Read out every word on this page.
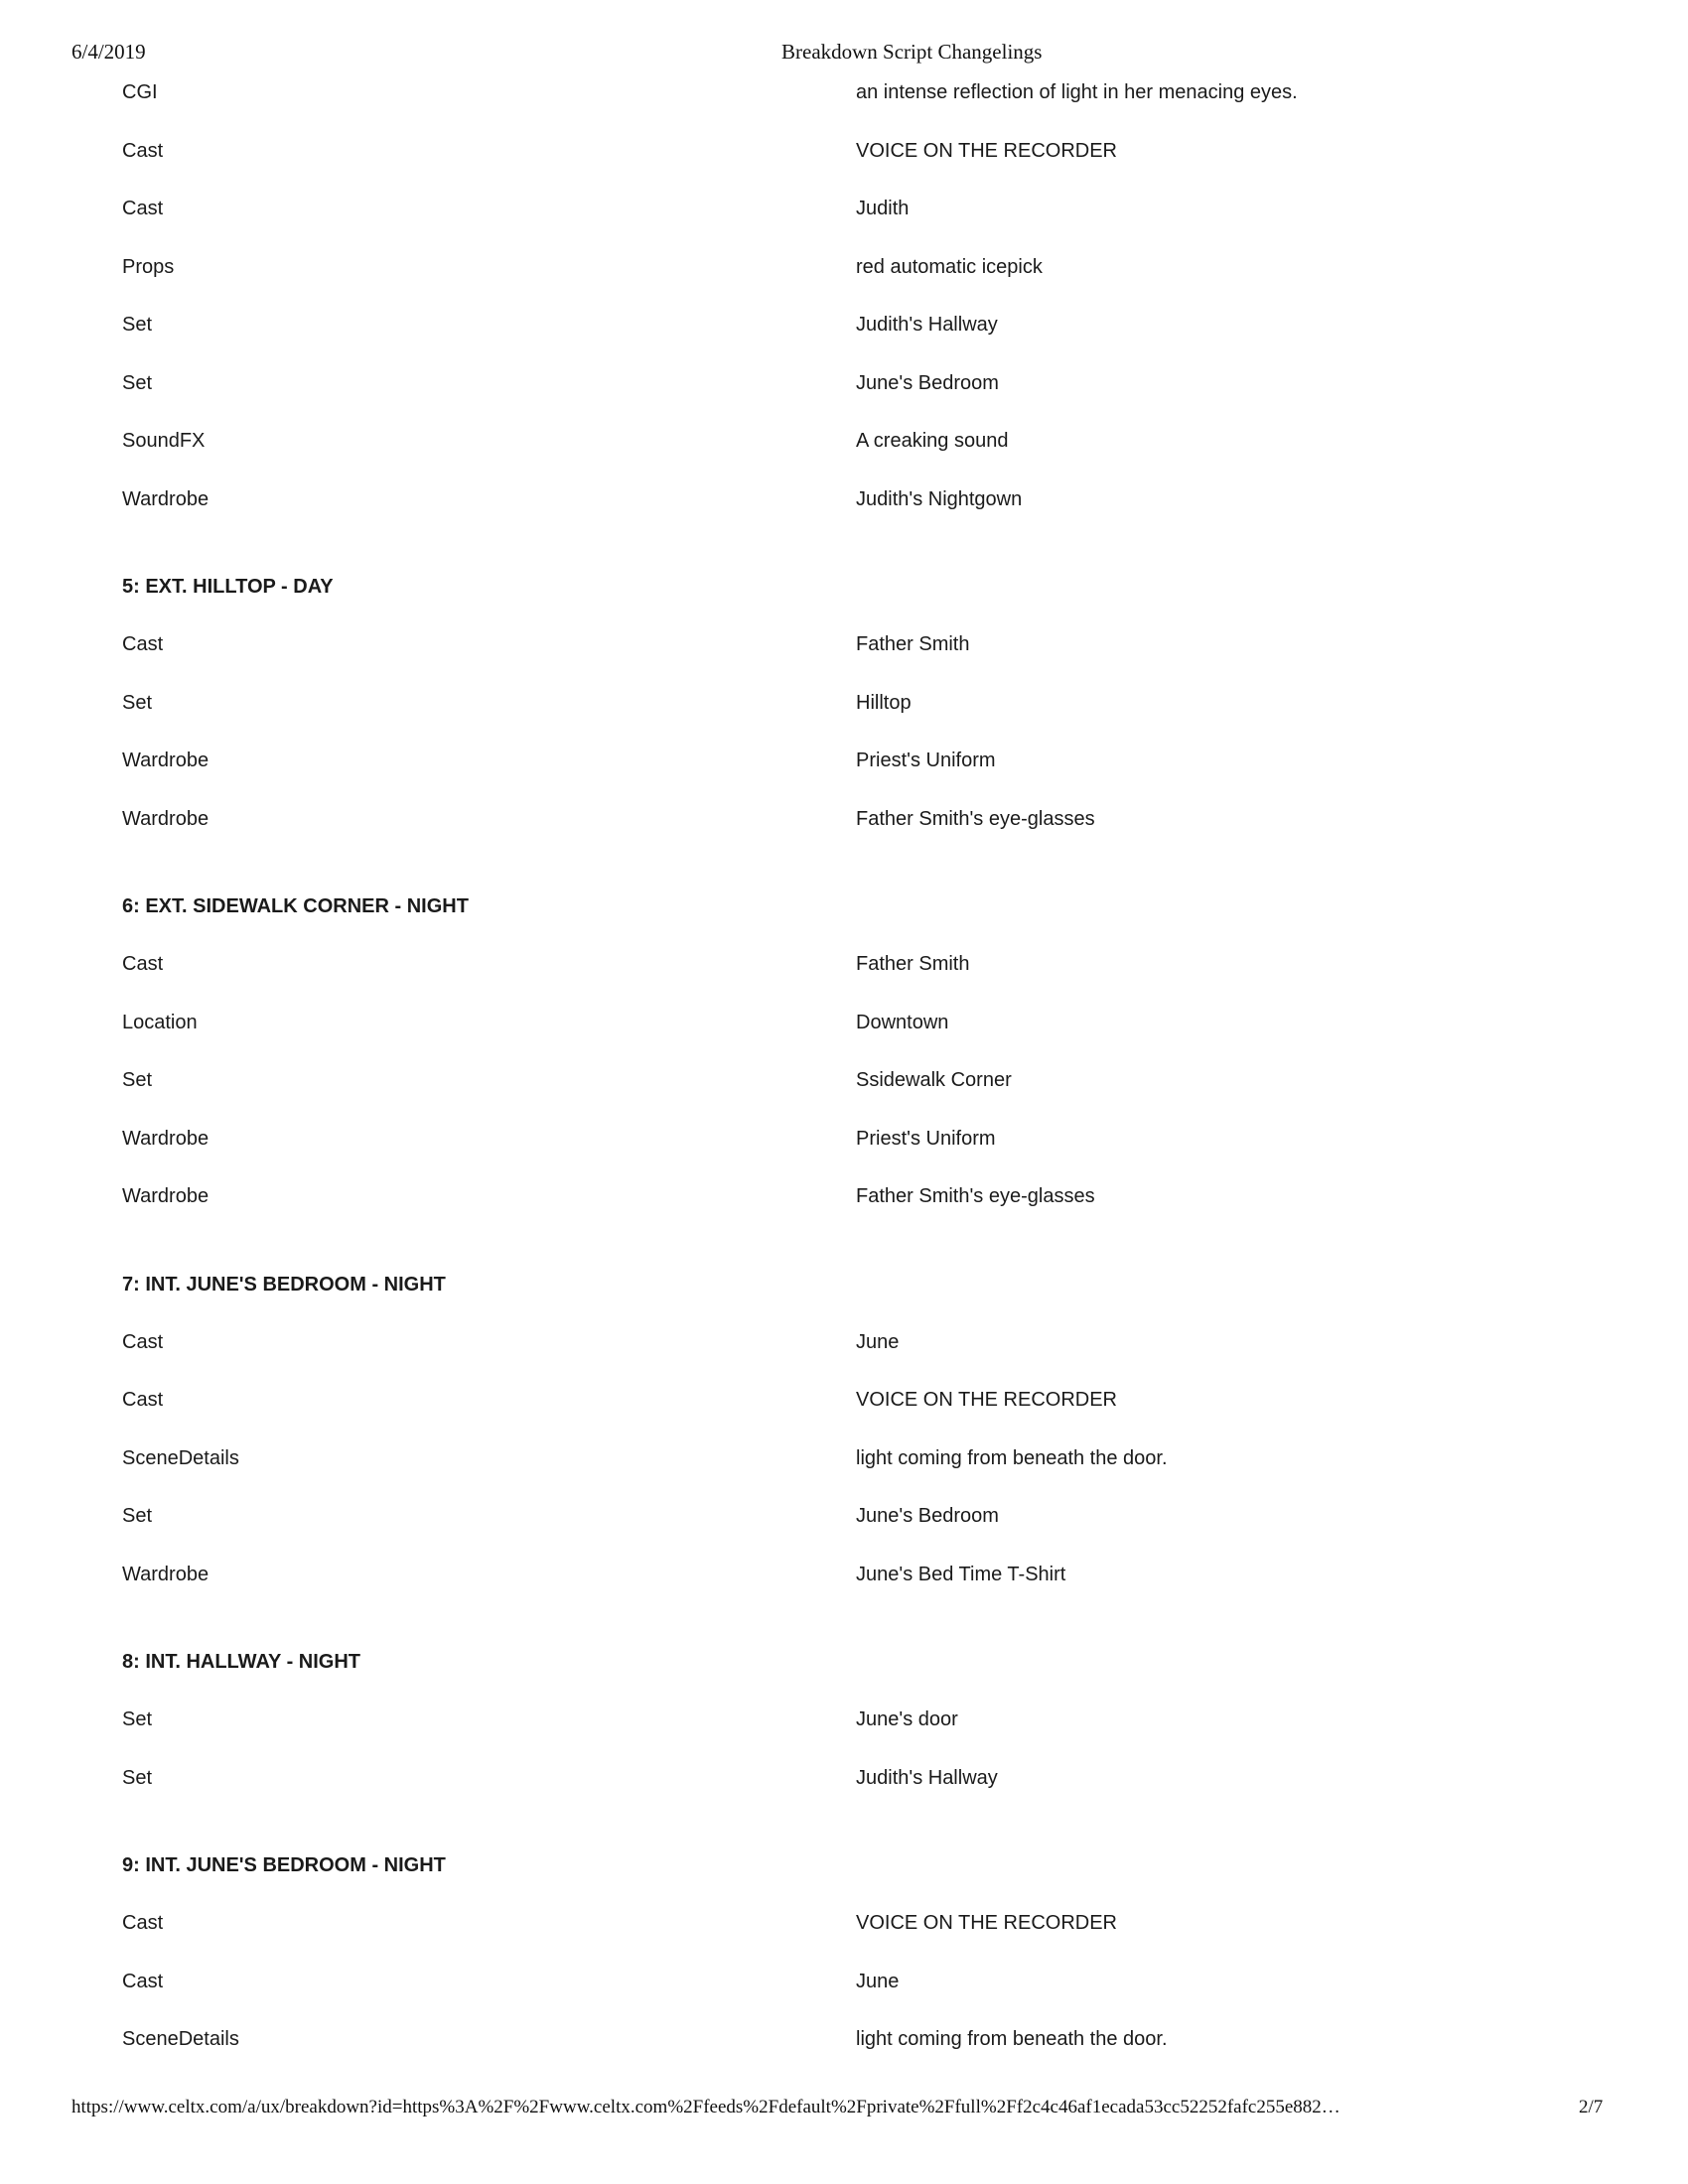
6/4/2019	Breakdown Script Changelings
CGI	an intense reflection of light in her menacing eyes.
Cast	VOICE ON THE RECORDER
Cast	Judith
Props	red automatic icepick
Set	Judith's Hallway
Set	June's Bedroom
SoundFX	A creaking sound
Wardrobe	Judith's Nightgown
5: EXT. HILLTOP - DAY
Cast	Father Smith
Set	Hilltop
Wardrobe	Priest's Uniform
Wardrobe	Father Smith's eye-glasses
6: EXT. SIDEWALK CORNER - NIGHT
Cast	Father Smith
Location	Downtown
Set	Ssidewalk Corner
Wardrobe	Priest's Uniform
Wardrobe	Father Smith's eye-glasses
7: INT. JUNE'S BEDROOM - NIGHT
Cast	June
Cast	VOICE ON THE RECORDER
SceneDetails	light coming from beneath the door.
Set	June's Bedroom
Wardrobe	June's Bed Time T-Shirt
8: INT. HALLWAY - NIGHT
Set	June's door
Set	Judith's Hallway
9: INT. JUNE'S BEDROOM - NIGHT
Cast	VOICE ON THE RECORDER
Cast	June
SceneDetails	light coming from beneath the door.
https://www.celtx.com/a/ux/breakdown?id=https%3A%2F%2Fwww.celtx.com%2Ffeeds%2Fdefault%2Fprivate%2Ffull%2Ff2c4c46af1ecada53cc52252fafc255e882…	2/7
